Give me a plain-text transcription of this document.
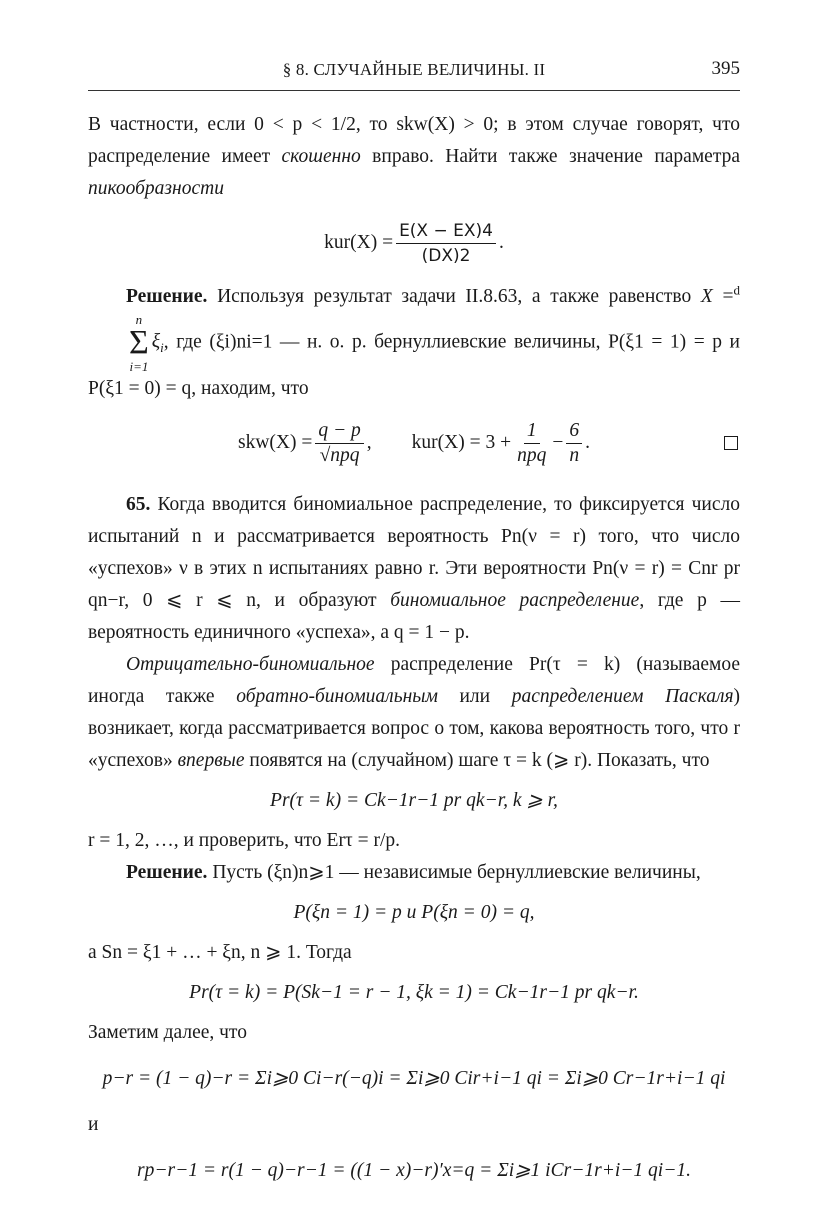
§ 8. СЛУЧАЙНЫЕ ВЕЛИЧИНЫ. II	395

В частности, если 0 < p < 1/2, то skw(X) > 0; в этом случае говорят, что распределение имеет скошенно вправо. Найти также значение параметра пикообразности

$kur(X) = \frac{E(X - EX)4}{(DX)2}$ .

Решение. Используя результат задачи II.8.63, а также равенство X =$^d$
n
Σ
i=1
$\xi_i$, где (ξi)ni=1 — н. о. р. бернуллиевские величины, P(ξ1 = 1) = p и P(ξ1 = 0) = q, находим, что

$skw(X) = \frac{q - p}{\text{√npq}}$ , $kur(X) = 3 + \frac{1}{\text{npq}} - \frac{6}{n}$ .

65. Когда вводится биномиальное распределение, то фиксируется число испытаний n и рассматривается вероятность Pn(ν = r) того, что число «успехов» ν в этих n испытаниях равно r. Эти вероятности Pn(ν = r) = Cnr pr qn−r, 0 ⩽ r ⩽ n, и образуют биномиальное распределение, где p — вероятность единичного «успеха», а q = 1 − p.

Отрицательно-биномиальное распределение Pr(τ = k) (называемое иногда также обратно-биномиальным или распределением Паскаля) возникает, когда рассматривается вопрос о том, какова вероятность того, что r «успехов» впервые появятся на (случайном) шаге τ = k (⩾ r). Показать, что

Pr(τ = k) = Ck−1r−1 pr qk−r, k ⩾ r,

r = 1, 2, …, и проверить, что Erτ = r/p.

Решение. Пусть (ξn)n⩾1 — независимые бернуллиевские величины,

P(ξn = 1) = p и P(ξn = 0) = q,

а Sn = ξ1 + … + ξn, n ⩾ 1. Тогда

Pr(τ = k) = P(Sk−1 = r − 1, ξk = 1) = Ck−1r−1 pr qk−r.

Заметим далее, что

p−r = (1 − q)−r = Σi⩾0 Ci−r(−q)i = Σi⩾0 Cir+i−1 qi = Σi⩾0 Cr−1r+i−1 qi

и

rp−r−1 = r(1 − q)−r−1 = ((1 − x)−r)′x=q = Σi⩾1 iCr−1r+i−1 qi−1.
